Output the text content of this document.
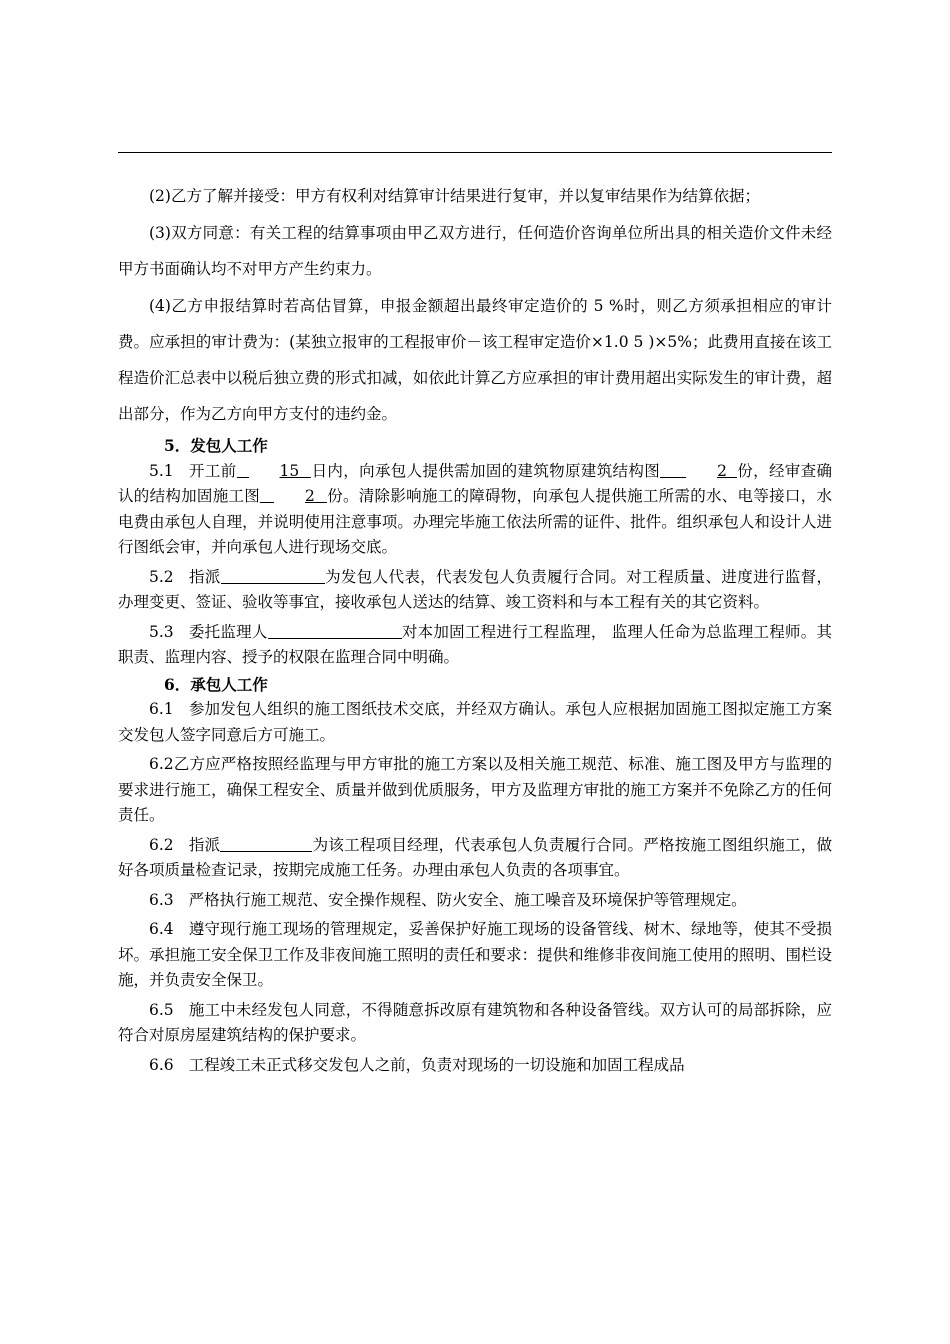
(2)乙方了解并接受：甲方有权利对结算审计结果进行复审，并以复审结果作为结算依据；

(3)双方同意：有关工程的结算事项由甲乙双方进行，任何造价咨询单位所出具的相关造价文件未经甲方书面确认均不对甲方产生约束力。

(4)乙方申报结算时若高估冒算，申报金额超出最终审定造价的 5 %时，则乙方须承担相应的审计费。应承担的审计费为：(某独立报审的工程报审价－该工程审定造价×1.0 5 )×5%；此费用直接在该工程造价汇总表中以税后独立费的形式扣减，如依此计算乙方应承担的审计费用超出实际发生的审计费，超出部分，作为乙方向甲方支付的违约金。

5．发包人工作

5.1 开工前	15 日内，向承包人提供需加固的建筑物原建筑结构图	2 份，经审查确认的结构加固施工图	2 份。清除影响施工的障碍物，向承包人提供施工所需的水、电等接口，水电费由承包人自理，并说明使用注意事项。办理完毕施工依法所需的证件、批件。组织承包人和设计人进行图纸会审，并向承包人进行现场交底。

5.2 指派	为发包人代表，代表发包人负责履行合同。对工程质量、进度进行监督，办理变更、签证、验收等事宜，接收承包人送达的结算、竣工资料和与本工程有关的其它资料。

5.3 委托监理人	对本加固工程进行工程监理， 监理人任命为总监理工程师。其职责、监理内容、授予的权限在监理合同中明确。

6．承包人工作

6.1 参加发包人组织的施工图纸技术交底，并经双方确认。承包人应根据加固施工图拟定施工方案交发包人签字同意后方可施工。

6.2乙方应严格按照经监理与甲方审批的施工方案以及相关施工规范、标准、施工图及甲方与监理的要求进行施工，确保工程安全、质量并做到优质服务，甲方及监理方审批的施工方案并不免除乙方的任何责任。

6.2 指派	为该工程项目经理，代表承包人负责履行合同。严格按施工图组织施工，做好各项质量检查记录，按期完成施工任务。办理由承包人负责的各项事宜。

6.3 严格执行施工规范、安全操作规程、防火安全、施工噪音及环境保护等管理规定。

6.4 遵守现行施工现场的管理规定，妥善保护好施工现场的设备管线、树木、绿地等，使其不受损坏。承担施工安全保卫工作及非夜间施工照明的责任和要求：提供和维修非夜间施工使用的照明、围栏设施，并负责安全保卫。

6.5 施工中未经发包人同意，不得随意拆改原有建筑物和各种设备管线。双方认可的局部拆除，应符合对原房屋建筑结构的保护要求。

6.6 工程竣工未正式移交发包人之前，负责对现场的一切设施和加固工程成品
